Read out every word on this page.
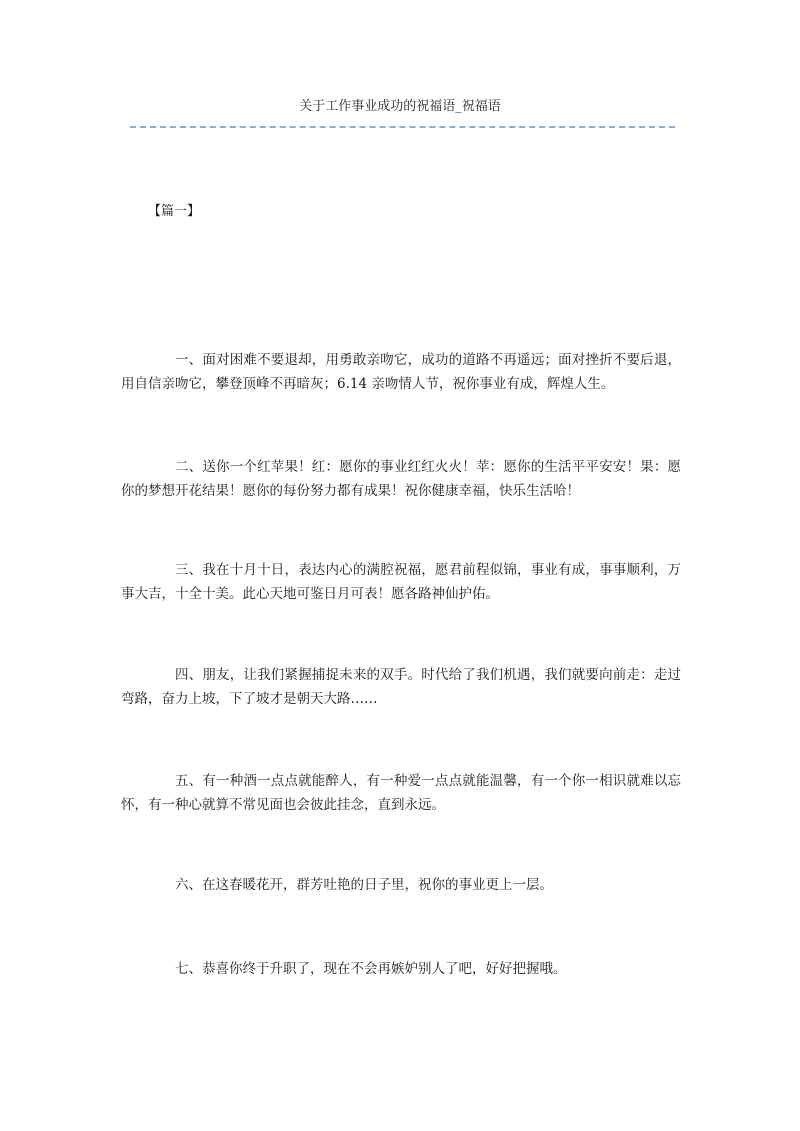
关于工作事业成功的祝福语_祝福语
【篇一】

一、面对困难不要退却，用勇敢亲吻它，成功的道路不再遥远；面对挫折不要后退，用自信亲吻它，攀登顶峰不再暗灰；6.14 亲吻情人节，祝你事业有成，辉煌人生。

二、送你一个红苹果！红：愿你的事业红红火火！苹：愿你的生活平平安安！果：愿你的梦想开花结果！愿你的每份努力都有成果！祝你健康幸福，快乐生活哈！

三、我在十月十日，表达内心的满腔祝福，愿君前程似锦，事业有成，事事顺利，万事大吉，十全十美。此心天地可鉴日月可表！愿各路神仙护佑。

四、朋友，让我们紧握捕捉未来的双手。时代给了我们机遇，我们就要向前走：走过弯路，奋力上坡，下了坡才是朝天大路……

五、有一种酒一点点就能醉人，有一种爱一点点就能温馨，有一个你一相识就难以忘怀，有一种心就算不常见面也会彼此挂念，直到永远。

六、在这春暖花开，群芳吐艳的日子里，祝你的事业更上一层。

七、恭喜你终于升职了，现在不会再嫉妒别人了吧，好好把握哦。
